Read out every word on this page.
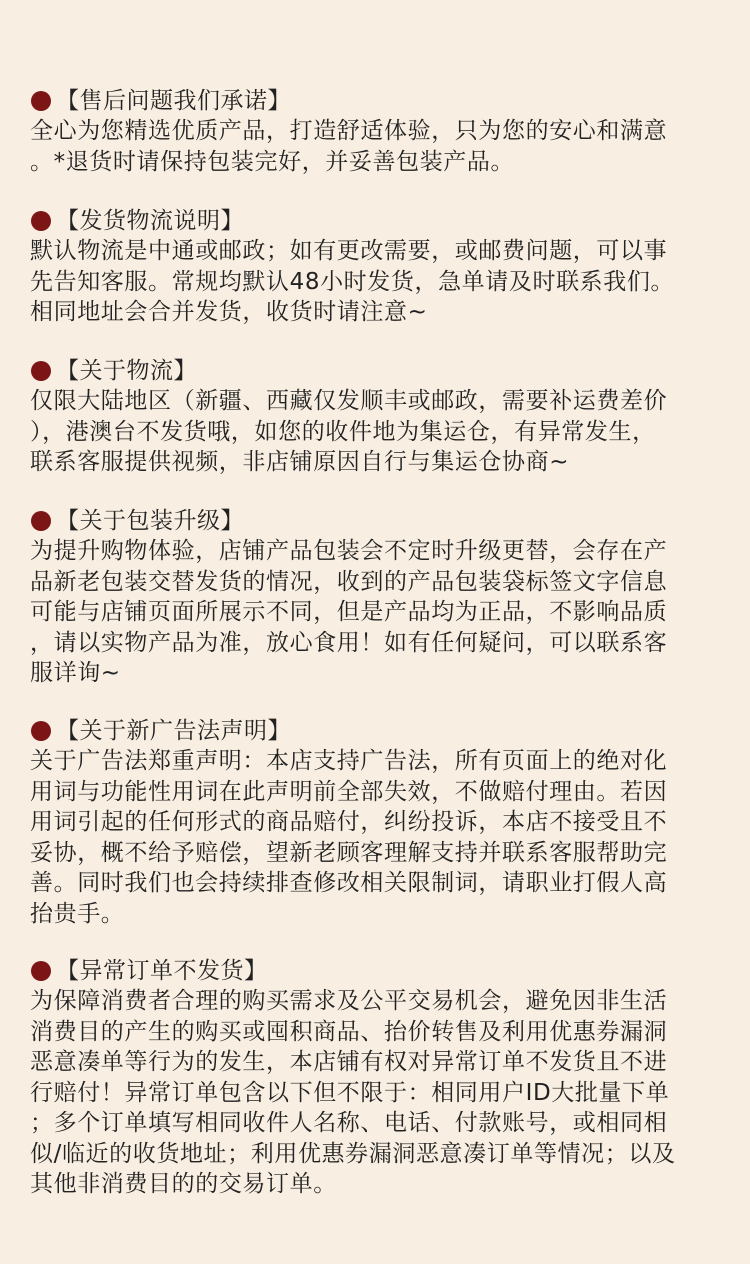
【售后问题我们承诺】
全心为您精选优质产品，打造舒适体验，只为您的安心和满意
。*退货时请保持包装完好，并妥善包装产品。
【发货物流说明】
默认物流是中通或邮政；如有更改需要，或邮费问题，可以事
先告知客服。常规均默认48小时发货，急单请及时联系我们。
相同地址会合并发货，收货时请注意~
【关于物流】
仅限大陆地区（新疆、西藏仅发顺丰或邮政，需要补运费差价
），港澳台不发货哦，如您的收件地为集运仓，有异常发生，
联系客服提供视频，非店铺原因自行与集运仓协商~
【关于包装升级】
为提升购物体验，店铺产品包装会不定时升级更替，会存在产
品新老包装交替发货的情况，收到的产品包装袋标签文字信息
可能与店铺页面所展示不同，但是产品均为正品，不影响品质
，请以实物产品为准，放心食用！如有任何疑问，可以联系客
服详询~
【关于新广告法声明】
关于广告法郑重声明：本店支持广告法，所有页面上的绝对化
用词与功能性用词在此声明前全部失效，不做赔付理由。若因
用词引起的任何形式的商品赔付，纠纷投诉，本店不接受且不
妥协，概不给予赔偿，望新老顾客理解支持并联系客服帮助完
善。同时我们也会持续排查修改相关限制词，请职业打假人高
抬贵手。
【异常订单不发货】
为保障消费者合理的购买需求及公平交易机会，避免因非生活
消费目的产生的购买或囤积商品、抬价转售及利用优惠券漏洞
恶意凑单等行为的发生，本店铺有权对异常订单不发货且不进
行赔付！异常订单包含以下但不限于：相同用户ID大批量下单
；多个订单填写相同收件人名称、电话、付款账号，或相同相
似/临近的收货地址；利用优惠券漏洞恶意凑订单等情况；以及
其他非消费目的的交易订单。
